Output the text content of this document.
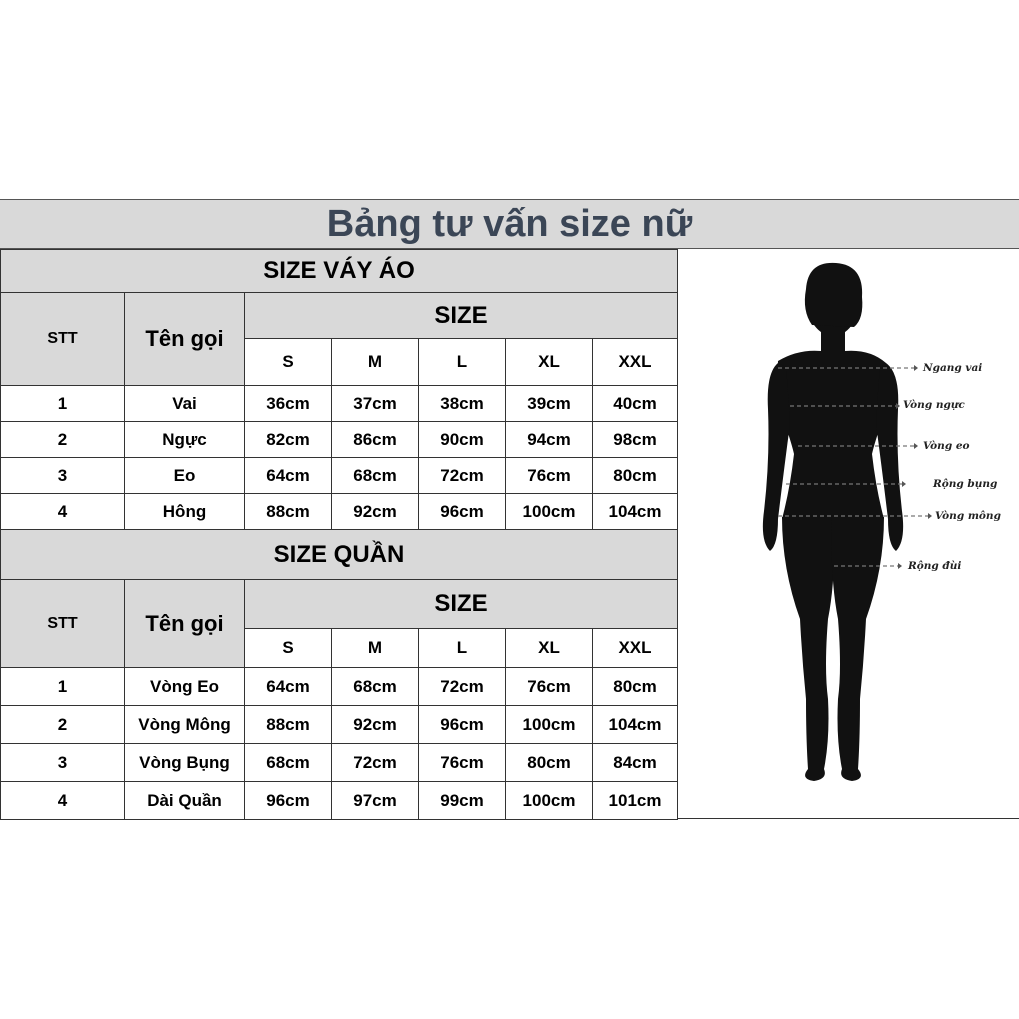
Bảng tư vấn size nữ
SIZE VÁY ÁO						
STT	Tên gọi	SIZE				
		S	M	L	XL	XXL
1	Vai	36cm	37cm	38cm	39cm	40cm
2	Ngực	82cm	86cm	90cm	94cm	98cm
3	Eo	64cm	68cm	72cm	76cm	80cm
4	Hông	88cm	92cm	96cm	100cm	104cm
SIZE QUẦN						
STT	Tên gọi	SIZE				
		S	M	L	XL	XXL
1	Vòng Eo	64cm	68cm	72cm	76cm	80cm
2	Vòng Mông	88cm	92cm	96cm	100cm	104cm
3	Vòng Bụng	68cm	72cm	76cm	80cm	84cm
4	Dài Quần	96cm	97cm	99cm	100cm	101cm
Ngang vai
Vòng ngực
Vòng eo
Rộng bụng
Vòng mông
Rộng đùi
